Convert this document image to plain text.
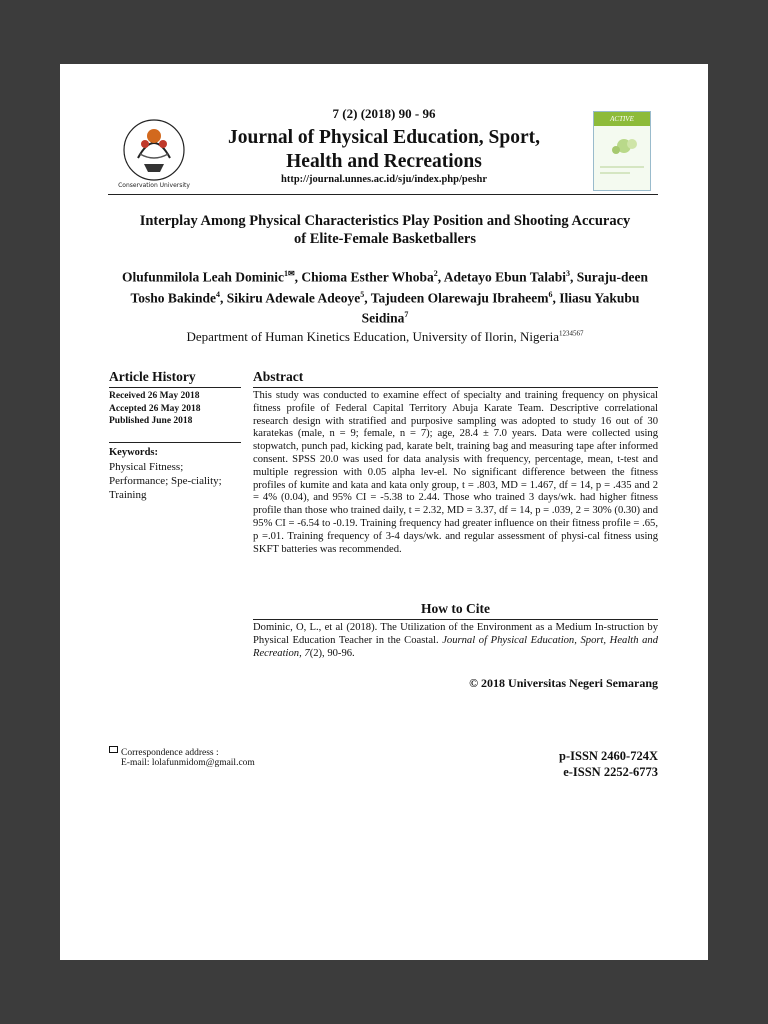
Conservation University
7 (2) (2018) 90 - 96
Journal of Physical Education, Sport,
Health and Recreations
http://journal.unnes.ac.id/sju/index.php/peshr
ACTIVE
Interplay Among Physical Characteristics Play Position and Shooting Accuracy
of Elite-Female Basketballers
Olufunmilola Leah Dominic$^{1✉}$, Chioma Esther Whoba$^2$, Adetayo Ebun Talabi$^3$, Suraju-deen Tosho Bakinde$^4$, Sikiru Adewale Adeoye$^5$, Tajudeen Olarewaju Ibraheem$^6$, Iliasu Yakubu Seidina$^7$
Department of Human Kinetics Education, University of Ilorin, Nigeria$^{1234567}$
Article History
Received 26 May 2018
Accepted 26 May 2018
Published June 2018
Keywords:
Physical Fitness; Performance; Spe-ciality; Training
Abstract
This study was conducted to examine effect of specialty and training frequency on physical fitness profile of Federal Capital Territory Abuja Karate Team. Descriptive correlational research design with stratified and purposive sampling was adopted to study 16 out of 30 karatekas (male, n = 9; female, n = 7); age, 28.4 ± 7.0 years. Data were collected using stopwatch, punch pad, kicking pad, karate belt, training bag and measuring tape after informed consent. SPSS 20.0 was used for data analysis with frequency, percentage, mean, t-test and multiple regression with 0.05 alpha lev-el. No significant difference between the fitness profiles of kumite and kata and kata only group, t = .803, MD = 1.467, df = 14, p = .435 and 2 = 4% (0.04), and 95% CI = -5.38 to 2.44. Those who trained 3 days/wk. had higher fitness profile than those who trained daily, t = 2.32, MD = 3.37, df = 14, p = .039, 2 = 30% (0.30) and 95% CI = -6.54 to -0.19. Training frequency had greater influence on their fitness profile = .65, p =.01. Training frequency of 3-4 days/wk. and regular assessment of physi-cal fitness using SKFT batteries was recommended.
How to Cite
Dominic, O, L., et al (2018). The Utilization of the Environment as a Medium In-struction by Physical Education Teacher in the Coastal. Journal of Physical Education, Sport, Health and Recreation, 7(2), 90-96.
© 2018 Universitas Negeri Semarang
Correspondence address :
E-mail: lolafunmidom@gmail.com	p-ISSN 2460-724X
e-ISSN 2252-6773
